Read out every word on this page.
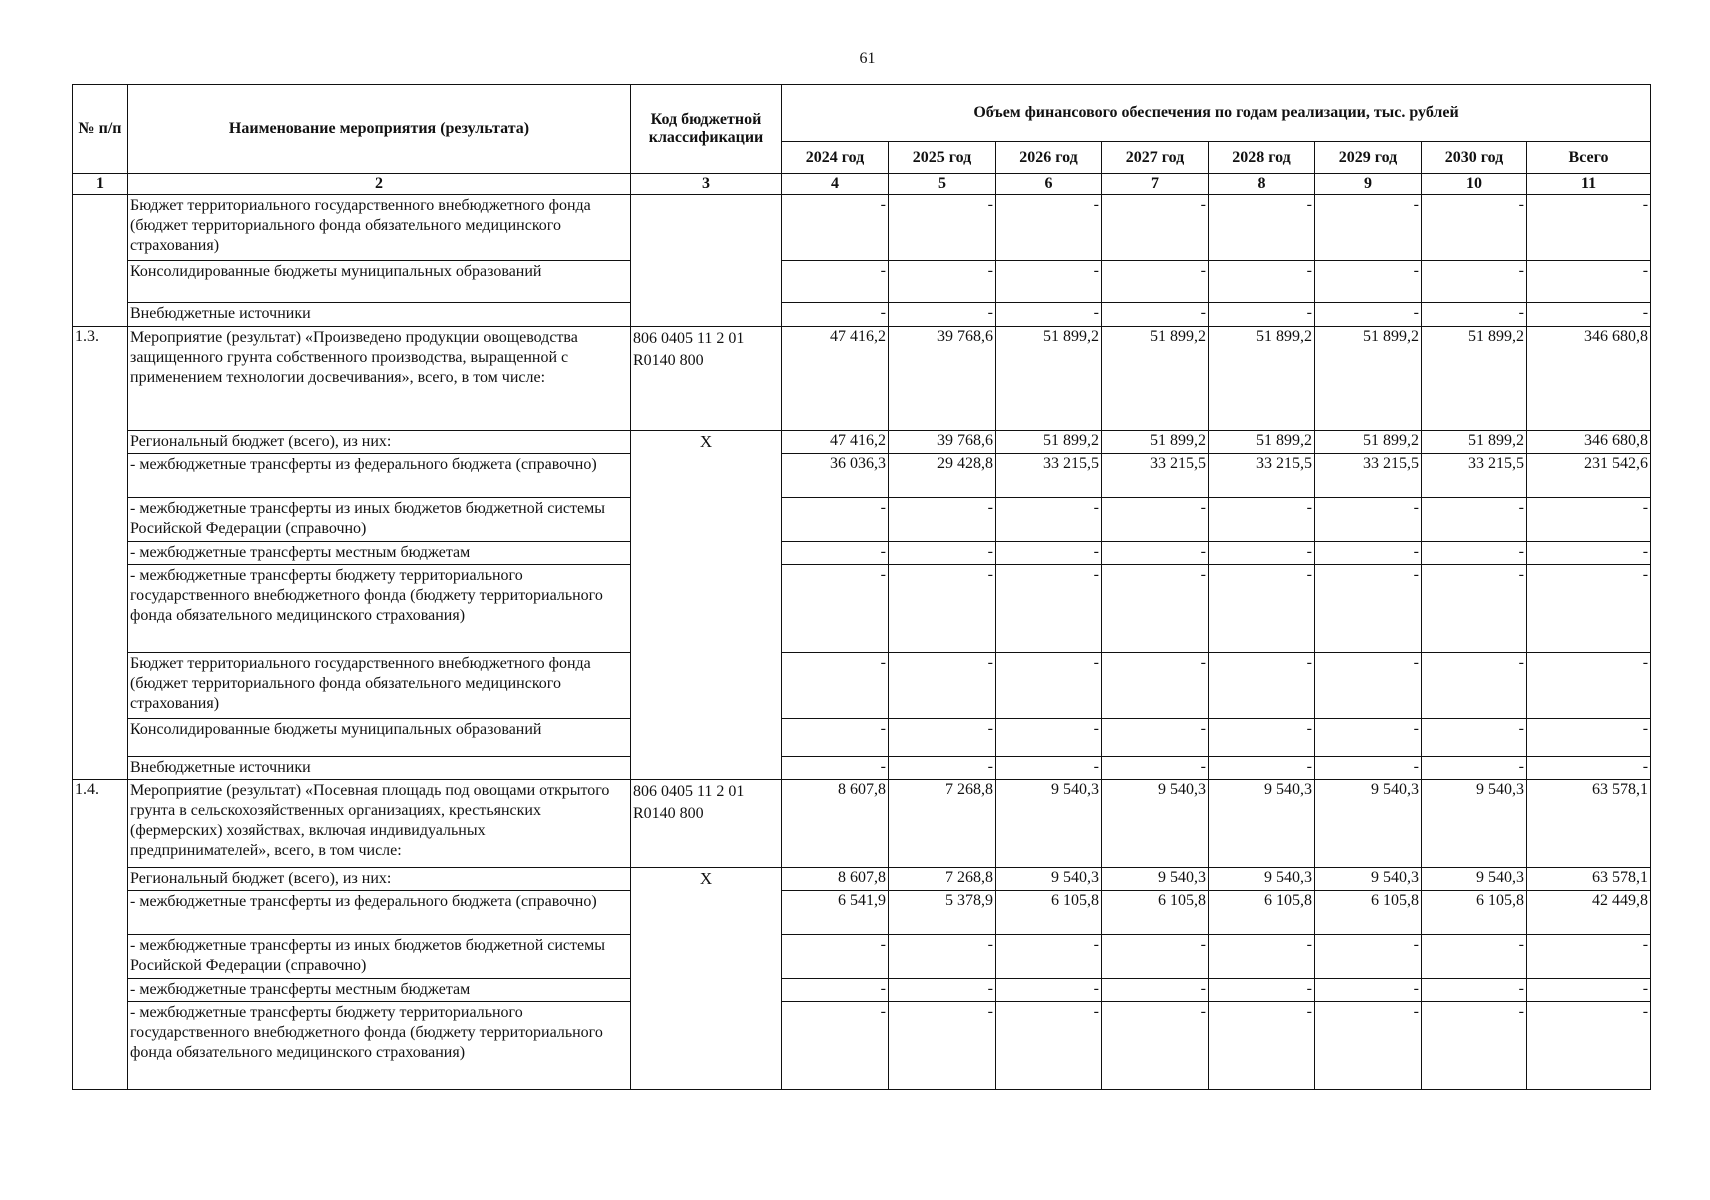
61
№ п/п	Наименование мероприятия (результата)	Код бюджетной классификации	Объем финансового обеспечения по годам реализации, тыс. рублей							
			2024 год	2025 год	2026 год	2027 год	2028 год	2029 год	2030 год	Всего
1	2	3	4	5	6	7	8	9	10	11
	Бюджет территориального государственного внебюджетного фонда (бюджет территориального фонда обязательного медицинского страхования)		-	-	-	-	-	-	-	-
	Консолидированные бюджеты муниципальных образований		-	-	-	-	-	-	-	-
	Внебюджетные источники		-	-	-	-	-	-	-	-
1.3.	Мероприятие (результат) «Произведено продукции овощеводства защищенного грунта собственного производства, выращенной с применением технологии досвечивания», всего, в том числе:	806 0405 11 2 01 R0140 800	47 416,2	39 768,6	51 899,2	51 899,2	51 899,2	51 899,2	51 899,2	346 680,8
	Региональный бюджет (всего), из них:	X	47 416,2	39 768,6	51 899,2	51 899,2	51 899,2	51 899,2	51 899,2	346 680,8
	- межбюджетные трансферты из федерального бюджета (справочно)		36 036,3	29 428,8	33 215,5	33 215,5	33 215,5	33 215,5	33 215,5	231 542,6
	- межбюджетные трансферты из иных бюджетов бюджетной системы Росийской Федерации (справочно)		-	-	-	-	-	-	-	-
	- межбюджетные трансферты местным бюджетам		-	-	-	-	-	-	-	-
	- межбюджетные трансферты бюджету территориального государственного внебюджетного фонда (бюджету территориального фонда обязательного медицинского страхования)		-	-	-	-	-	-	-	-
	Бюджет территориального государственного внебюджетного фонда (бюджет территориального фонда обязательного медицинского страхования)		-	-	-	-	-	-	-	-
	Консолидированные бюджеты муниципальных образований		-	-	-	-	-	-	-	-
	Внебюджетные источники		-	-	-	-	-	-	-	-
1.4.	Мероприятие (результат) «Посевная площадь под овощами открытого грунта в сельскохозяйственных организациях, крестьянских (фермерских) хозяйствах, включая индивидуальных предпринимателей», всего, в том числе:	806 0405 11 2 01 R0140 800	8 607,8	7 268,8	9 540,3	9 540,3	9 540,3	9 540,3	9 540,3	63 578,1
	Региональный бюджет (всего), из них:	X	8 607,8	7 268,8	9 540,3	9 540,3	9 540,3	9 540,3	9 540,3	63 578,1
	- межбюджетные трансферты из федерального бюджета (справочно)		6 541,9	5 378,9	6 105,8	6 105,8	6 105,8	6 105,8	6 105,8	42 449,8
	- межбюджетные трансферты из иных бюджетов бюджетной системы Росийской Федерации (справочно)		-	-	-	-	-	-	-	-
	- межбюджетные трансферты местным бюджетам		-	-	-	-	-	-	-	-
	- межбюджетные трансферты бюджету территориального государственного внебюджетного фонда (бюджету территориального фонда обязательного медицинского страхования)		-	-	-	-	-	-	-	-
